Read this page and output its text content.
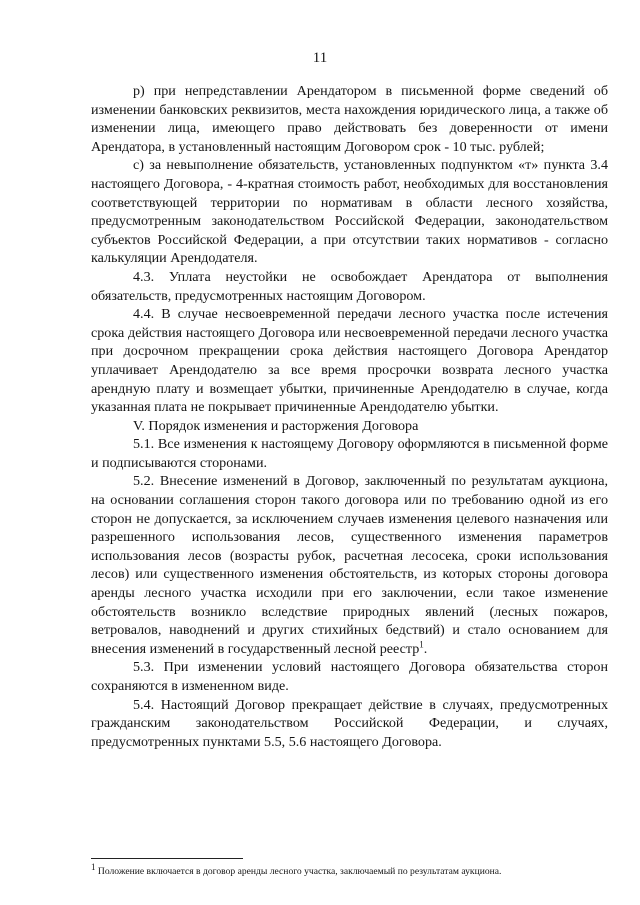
11

р) при непредставлении Арендатором в письменной форме сведений об изменении банковских реквизитов, места нахождения юридического лица, а также об изменении лица, имеющего право действовать без доверенности от имени Арендатора, в установленный настоящим Договором срок - 10 тыс. рублей;

с) за невыполнение обязательств, установленных подпунктом «т» пункта 3.4 настоящего Договора, - 4-кратная стоимость работ, необходимых для восстановления соответствующей территории по нормативам в области лесного хозяйства, предусмотренным законодательством Российской Федерации, законодательством субъектов Российской Федерации, а при отсутствии таких нормативов - согласно калькуляции Арендодателя.

4.3. Уплата неустойки не освобождает Арендатора от выполнения обязательств, предусмотренных настоящим Договором.

4.4. В случае несвоевременной передачи лесного участка после истечения срока действия настоящего Договора или несвоевременной передачи лесного участка при досрочном прекращении срока действия настоящего Договора Арендатор уплачивает Арендодателю за все время просрочки возврата лесного участка арендную плату и возмещает убытки, причиненные Арендодателю в случае, когда указанная плата не покрывает причиненные Арендодателю убытки.

V. Порядок изменения и расторжения Договора

5.1. Все изменения к настоящему Договору оформляются в письменной форме и подписываются сторонами.

5.2. Внесение изменений в Договор, заключенный по результатам аукциона, на основании соглашения сторон такого договора или по требованию одной из его сторон не допускается, за исключением случаев изменения целевого назначения или разрешенного использования лесов, существенного изменения параметров использования лесов (возрасты рубок, расчетная лесосека, сроки использования лесов) или существенного изменения обстоятельств, из которых стороны договора аренды лесного участка исходили при его заключении, если такое изменение обстоятельств возникло вследствие природных явлений (лесных пожаров, ветровалов, наводнений и других стихийных бедствий) и стало основанием для внесения изменений в государственный лесной реестр$^1$.

5.3. При изменении условий настоящего Договора обязательства сторон сохраняются в измененном виде.

5.4. Настоящий Договор прекращает действие в случаях, предусмотренных гражданским законодательством Российской Федерации, и случаях, предусмотренных пунктами 5.5, 5.6 настоящего Договора.

$^1$ Положение включается в договор аренды лесного участка, заключаемый по результатам аукциона.
